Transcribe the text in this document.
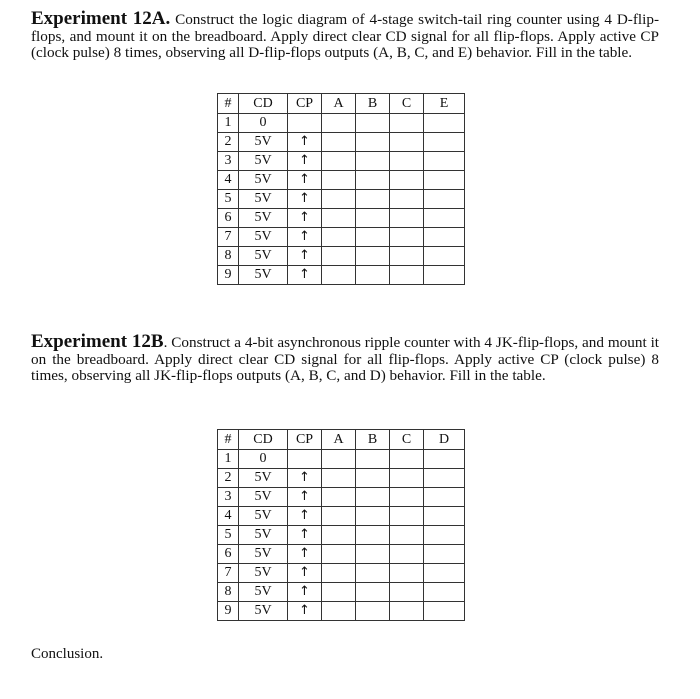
Experiment 12A. Construct the logic diagram of 4-stage switch-tail ring counter using 4 D-flip-flops, and mount it on the breadboard. Apply direct clear CD signal for all flip-flops. Apply active CP (clock pulse) 8 times, observing all D-flip-flops outputs (A, B, C, and E) behavior. Fill in the table.

#	CD	CP	A	B	C	E
1	0					
2	5V	↑				
3	5V	↑				
4	5V	↑				
5	5V	↑				
6	5V	↑				
7	5V	↑				
8	5V	↑				
9	5V	↑				

Experiment 12B. Construct a 4-bit asynchronous ripple counter with 4 JK-flip-flops, and mount it on the breadboard. Apply direct clear CD signal for all flip-flops. Apply active CP (clock pulse) 8 times, observing all JK-flip-flops outputs (A, B, C, and D) behavior. Fill in the table.

#	CD	CP	A	B	C	D
1	0					
2	5V	↑				
3	5V	↑				
4	5V	↑				
5	5V	↑				
6	5V	↑				
7	5V	↑				
8	5V	↑				
9	5V	↑				
Conclusion.
